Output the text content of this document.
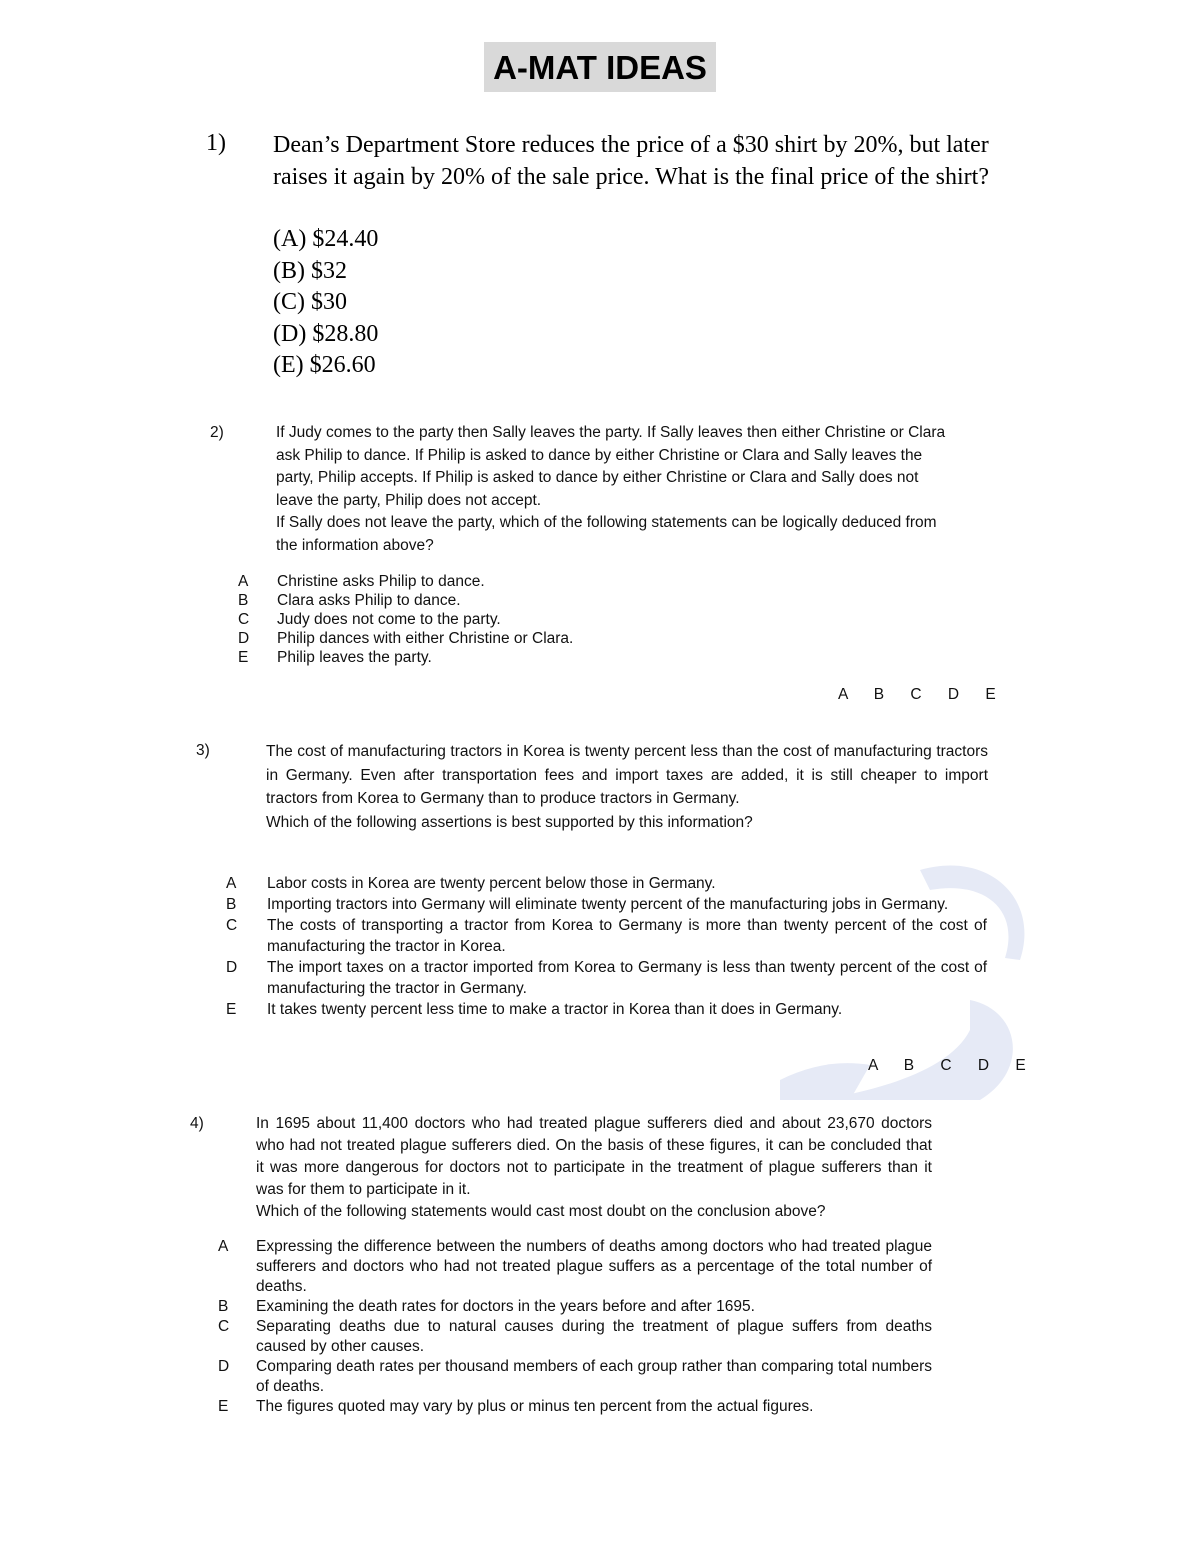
A-MAT IDEAS
1) Dean’s Department Store reduces the price of a $30 shirt by 20%, but later raises it again by 20% of the sale price. What is the final price of the shirt?
(A) $24.40
(B) $32
(C) $30
(D) $28.80
(E) $26.60
2)	If Judy comes to the party then Sally leaves the party. If Sally leaves then either Christine or Clara ask Philip to dance. If Philip is asked to dance by either Christine or Clara and Sally leaves the party, Philip accepts. If Philip is asked to dance by either Christine or Clara and Sally does not leave the party, Philip does not accept.
If Sally does not leave the party, which of the following statements can be logically deduced from the information above?
A	Christine asks Philip to dance.
B	Clara asks Philip to dance.
C	Judy does not come to the party.
D	Philip dances with either Christine or Clara.
E	Philip leaves the party.
A B C D E
3)	The cost of manufacturing tractors in Korea is twenty percent less than the cost of manufacturing tractors in Germany. Even after transportation fees and import taxes are added, it is still cheaper to import tractors from Korea to Germany than to produce tractors in Germany.
Which of the following assertions is best supported by this information?
A	Labor costs in Korea are twenty percent below those in Germany.
B	Importing tractors into Germany will eliminate twenty percent of the manufacturing jobs in Germany.
C	The costs of transporting a tractor from Korea to Germany is more than twenty percent of the cost of manufacturing the tractor in Korea.
D	The import taxes on a tractor imported from Korea to Germany is less than twenty percent of the cost of manufacturing the tractor in Germany.
E	It takes twenty percent less time to make a tractor in Korea than it does in Germany.
A B C D E
4)	In 1695 about 11,400 doctors who had treated plague sufferers died and about 23,670 doctors who had not treated plague sufferers died. On the basis of these figures, it can be concluded that it was more dangerous for doctors not to participate in the treatment of plague sufferers than it was for them to participate in it.
Which of the following statements would cast most doubt on the conclusion above?
A	Expressing the difference between the numbers of deaths among doctors who had treated plague sufferers and doctors who had not treated plague suffers as a percentage of the total number of deaths.
B	Examining the death rates for doctors in the years before and after 1695.
C	Separating deaths due to natural causes during the treatment of plague suffers from deaths caused by other causes.
D	Comparing death rates per thousand members of each group rather than comparing total numbers of deaths.
E	The figures quoted may vary by plus or minus ten percent from the actual figures.
